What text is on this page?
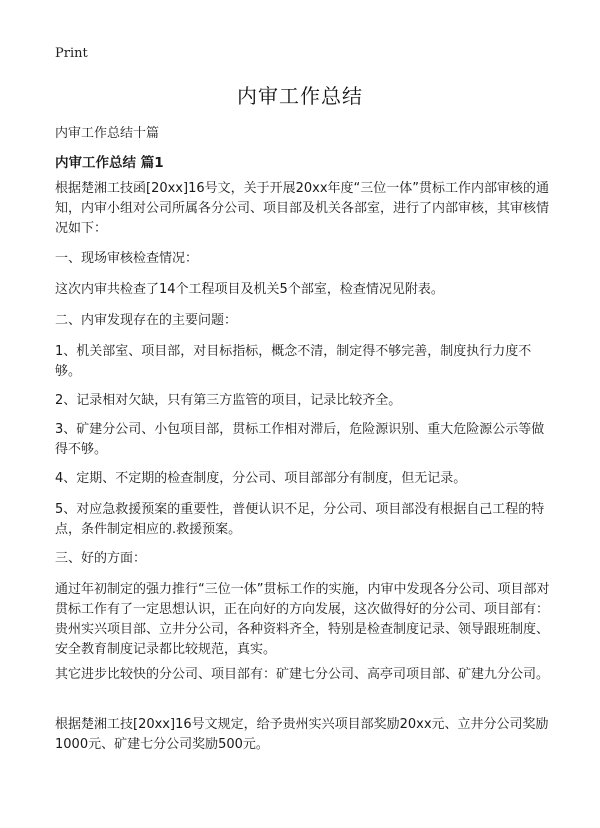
Print
内审工作总结

内审工作总结十篇

内审工作总结 篇1

根据楚湘工技函[20xx]16号文，关于开展20xx年度“三位一体”贯标工作内部审核的通知，内审小组对公司所属各分公司、项目部及机关各部室，进行了内部审核，其审核情况如下：

一、现场审核检查情况：

这次内审共检查了14个工程项目及机关5个部室，检查情况见附表。

二、内审发现存在的主要问题：

1、机关部室、项目部，对目标指标，概念不清，制定得不够完善，制度执行力度不够。

2、记录相对欠缺，只有第三方监管的项目，记录比较齐全。

3、矿建分公司、小包项目部，贯标工作相对滞后，危险源识别、重大危险源公示等做得不够。

4、定期、不定期的检查制度，分公司、项目部部分有制度，但无记录。

5、对应急救援预案的重要性，普便认识不足，分公司、项目部没有根据自己工程的特点，条件制定相应的.救援预案。

三、好的方面：

通过年初制定的强力推行“三位一体”贯标工作的实施，内审中发现各分公司、项目部对贯标工作有了一定思想认识，正在向好的方向发展，这次做得好的分公司、项目部有：贵州实兴项目部、立井分公司，各种资料齐全，特别是检查制度记录、领导跟班制度、安全教育制度记录都比较规范，真实。

其它进步比较快的分公司、项目部有：矿建七分公司、高亭司项目部、矿建九分公司。

根据楚湘工技[20xx]16号文规定，给予贵州实兴项目部奖励20xx元、立井分公司奖励1000元、矿建七分公司奖励500元。
